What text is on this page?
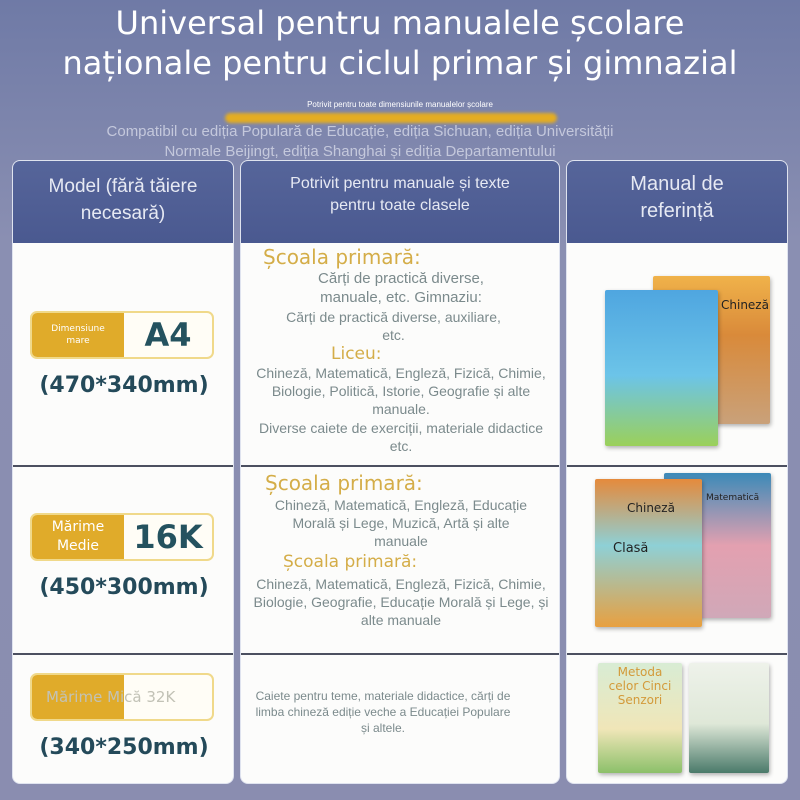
Universal pentru manualele școlare
naționale pentru ciclul primar și gimnazial
Potrivit pentru toate dimensiunile manualelor școlare
Compatibil cu ediția Populară de Educație, ediția Sichuan, ediția Universității
Normale Beijingt, ediția Shanghai și ediția Departamentului
Model (fără tăiere necesară)
Dimensiune mare	A4
(470*340mm)
Mărime Medie	16K
(450*300mm)
Mărime Mică 32K
(340*250mm)
Potrivit pentru manuale și texte pentru toate clasele
Școala primară:
Cărți de practică diverse, manuale, etc. Gimnaziu:
Cărți de practică diverse, auxiliare, etc.
Liceu:
Chineză, Matematică, Engleză, Fizică, Chimie, Biologie, Politică, Istorie, Geografie și alte manuale.
Diverse caiete de exerciții, materiale didactice etc.
Școala primară:
Chineză, Matematică, Engleză, Educație Morală și Lege, Muzică, Artă și alte manuale
Școala primară:
Chineză, Matematică, Engleză, Fizică, Chimie, Biologie, Geografie, Educație Morală și Lege, și alte manuale
Caiete pentru teme, materiale didactice, cărți de limba chineză ediție veche a Educației Populare și altele.
Manual de referință
Chineză
Matematică
Chineză
Clasă
Metoda celor Cinci Senzori
